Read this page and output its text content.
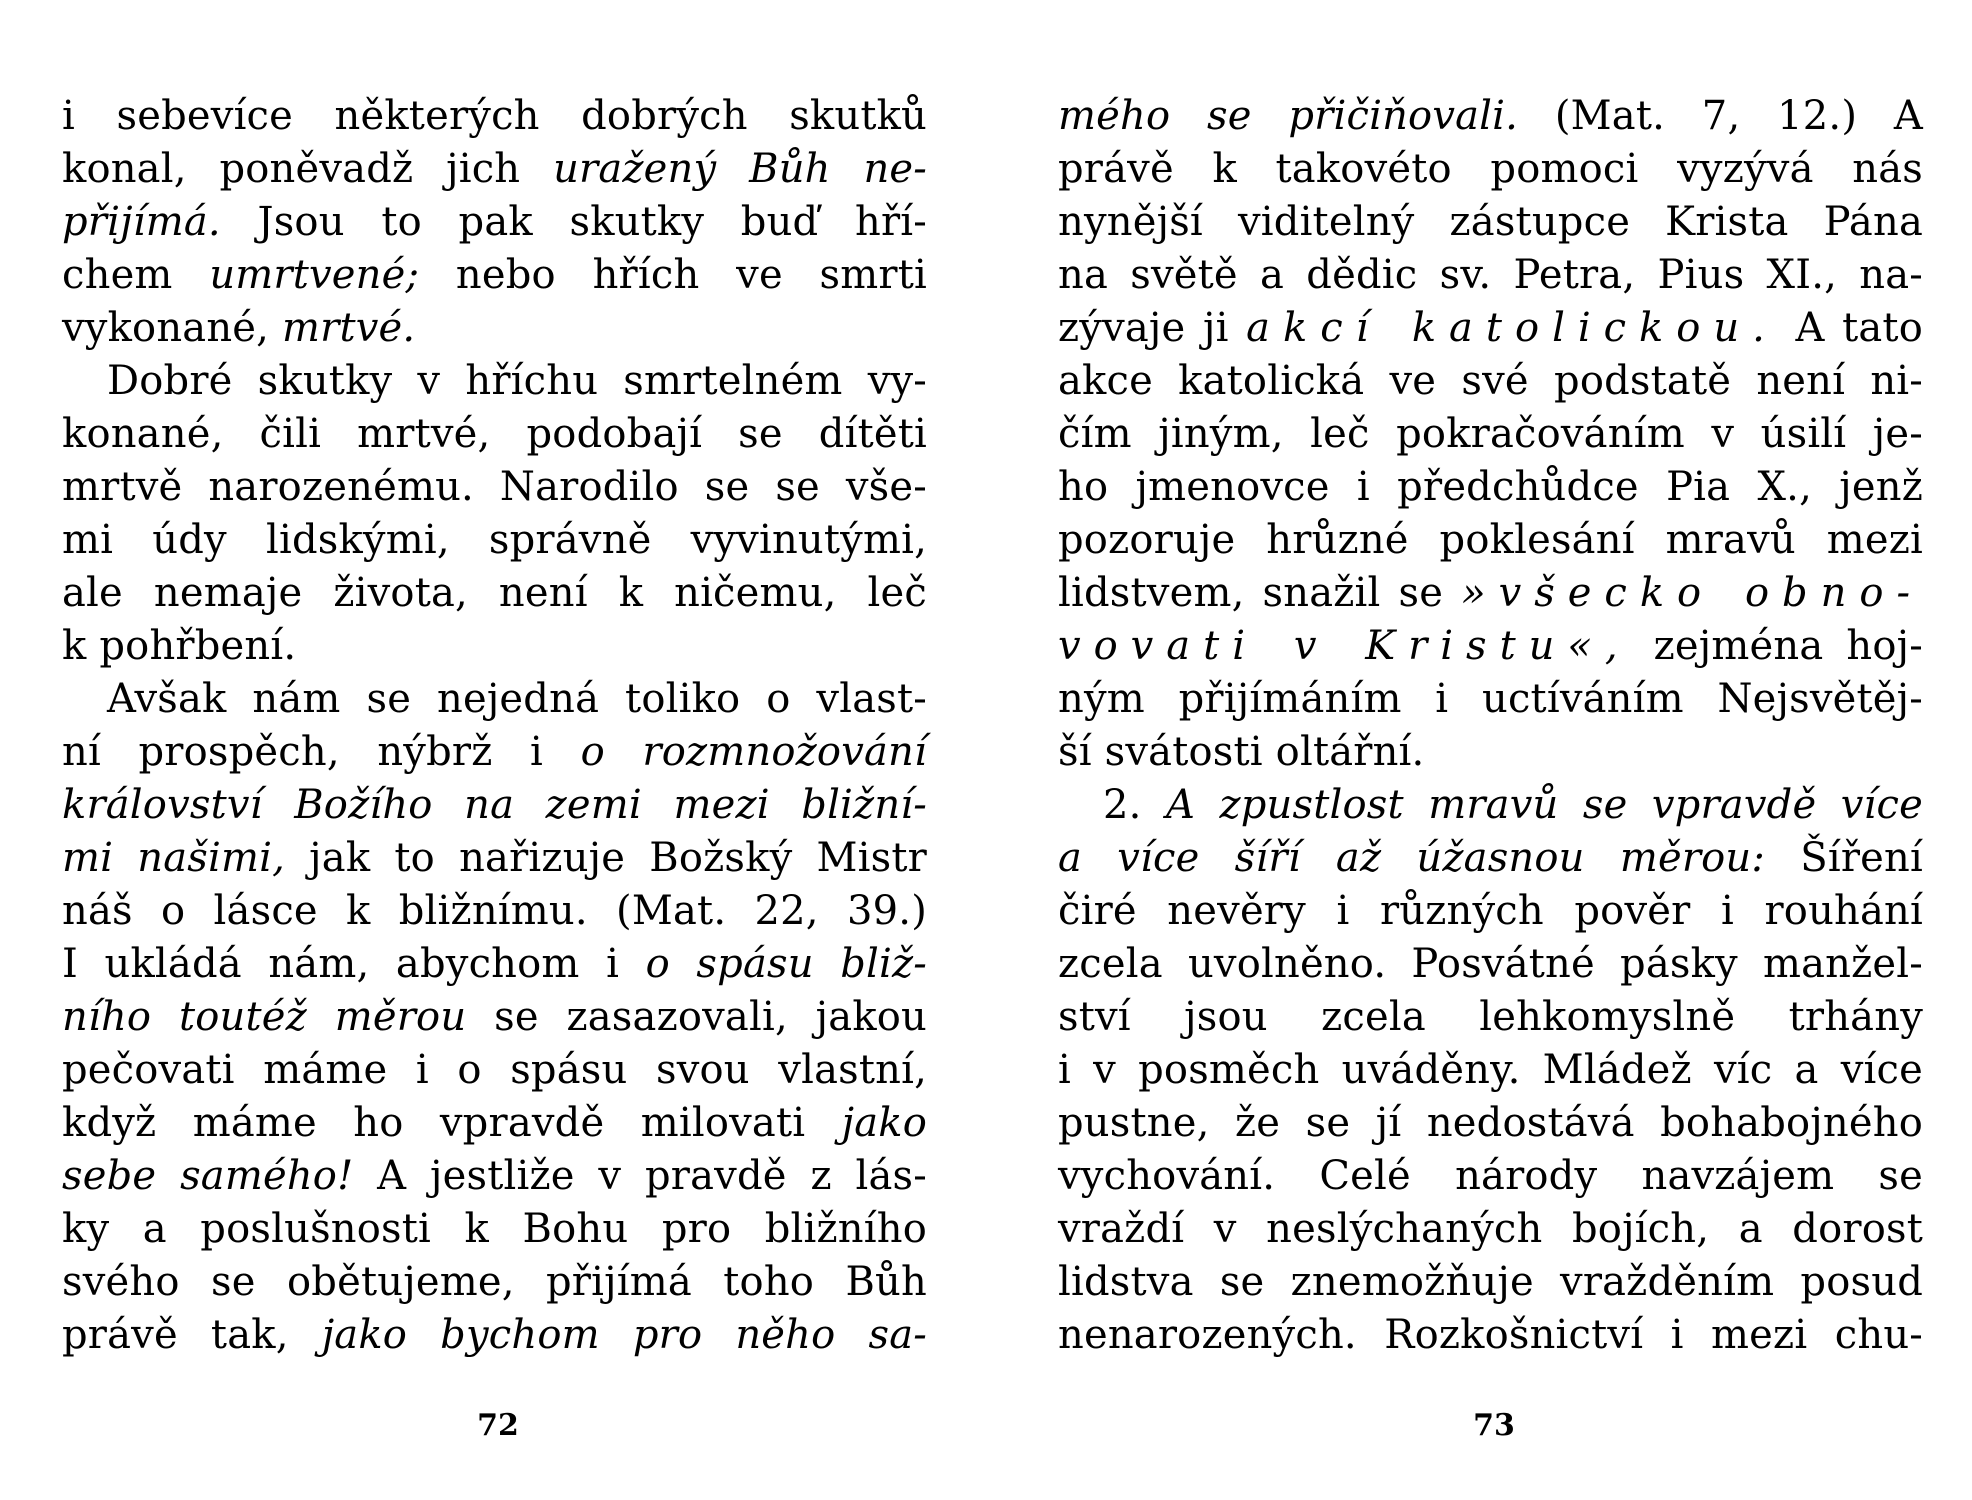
i sebevíce některých dobrých skutků
konal, poněvadž jich uražený Bůh ne-
přijímá. Jsou to pak skutky buď hří-
chem umrtvené; nebo hřích ve smrti
vykonané, mrtvé.
Dobré skutky v hříchu smrtelném vy-
konané, čili mrtvé, podobají se dítěti
mrtvě narozenému. Narodilo se se vše-
mi údy lidskými, správně vyvinutými,
ale nemaje života, není k ničemu, leč
k pohřbení.
Avšak nám se nejedná toliko o vlast-
ní prospěch, nýbrž i o rozmnožování
království Božího na zemi mezi bližní-
mi našimi, jak to nařizuje Božský Mistr
náš o lásce k bližnímu. (Mat. 22, 39.)
I ukládá nám, abychom i o spásu bliž-
ního toutéž měrou se zasazovali, jakou
pečovati máme i o spásu svou vlastní,
když máme ho vpravdě milovati jako
sebe samého! A jestliže v pravdě z lás-
ky a poslušnosti k Bohu pro bližního
svého se obětujeme, přijímá toho Bůh
právě tak, jako bychom pro něho sa-
mého se přičiňovali. (Mat. 7, 12.) A
právě k takovéto pomoci vyzývá nás
nynější viditelný zástupce Krista Pána
na světě a dědic sv. Petra, Pius XI., na-
zývaje ji akcí katolickou. A tato
akce katolická ve své podstatě není ni-
čím jiným, leč pokračováním v úsilí je-
ho jmenovce i předchůdce Pia X., jenž
pozoruje hrůzné poklesání mravů mezi
lidstvem, snažil se »všecko obno-
vovati v Kristu«, zejména hoj-
ným přijímáním i uctíváním Nejsvětěj-
ší svátosti oltářní.
2. A zpustlost mravů se vpravdě více
a více šíří až úžasnou měrou: Šíření
čiré nevěry i různých pověr i rouhání
zcela uvolněno. Posvátné pásky manžel-
ství jsou zcela lehkomyslně trhány
i v posměch uváděny. Mládež víc a více
pustne, že se jí nedostává bohabojného
vychování. Celé národy navzájem se
vraždí v neslýchaných bojích, a dorost
lidstva se znemožňuje vražděním posud
nenarozených. Rozkošnictví i mezi chu-
72	73
